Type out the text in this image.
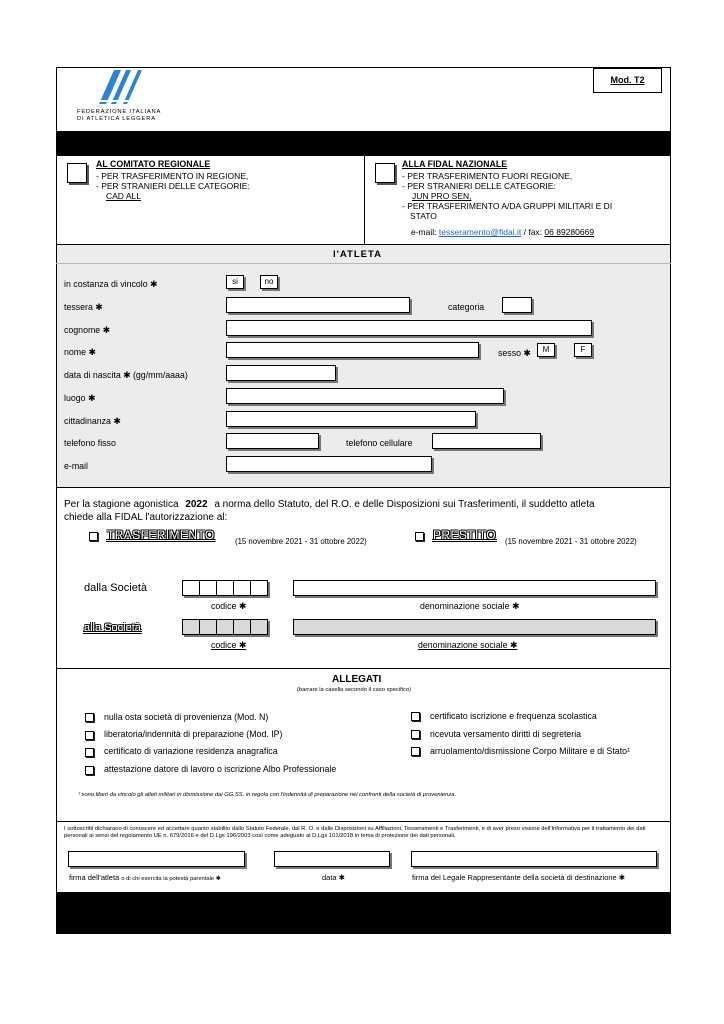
FEDERAZIONE ITALIANA
DI ATLETICA LEGGERA
Mod. T2
AL COMITATO REGIONALE
- PER TRASFERIMENTO IN REGIONE,
- PER STRANIERI DELLE CATEGORIE:
CAD ALL
ALLA FIDAL NAZIONALE
- PER TRASFERIMENTO FUORI REGIONE,
- PER STRANIERI DELLE CATEGORIE:
JUN PRO SEN,
- PER TRASFERIMENTO A/DA GRUPPI MILITARI E DI
STATO
e-mail: tesseramento@fidal.it / fax: 06 89280669
l'ATLETA
in costanza di vincolo ✱	si	no
tessera ✱	categoria
cognome ✱
nome ✱	sesso ✱	M	F
data di nascita ✱ (gg/mm/aaaa)
luogo ✱
cittadinanza ✱
telefono fisso	telefono cellulare
e-mail
Per la stagione agonistica 2022 a norma dello Statuto, del R.O. e delle Disposizioni sui Trasferimenti, il suddetto atleta
chiede alla FIDAL l'autorizzazione al:
TRASFERIMENTO	(15 novembre 2021 - 31 ottobre 2022)	PRESTITO (15 novembre 2021 - 31 ottobre 2022)
dalla Società
codice ✱	denominazione sociale ✱
alla Società
codice ✱	denominazione sociale ✱
ALLEGATI
(barrare la casella secondo il caso specifico)
nulla osta società di provenienza (Mod. N)
liberatoria/indennità di preparazione (Mod. IP)
certificato di variazione residenza anagrafica
attestazione datore di lavoro o iscrizione Albo Professionale
certificato iscrizione e frequenza scolastica
ricevuta versamento diritti di segreteria
arruolamento/dismissione Corpo Militare e di Stato¹
¹ sono liberi da vincolo gli atleti militari in dismissione dai GG.SS. in regola con l'indennità di preparazione nei confronti della società di provenienza.
I sottoscritti dichiarano di conoscere ed accettare quanto stabilito dallo Statuto Federale, dal R. O. e dalle Disposizioni su Affiliazioni, Tesseramenti e Trasferimenti, e di aver preso visione dell'Informativa per il trattamento dei dati personali ai sensi del regolamento UE n. 679/2016 e del D.Lgs 196/2003 così come adeguato al D.Lgs 101/2018 in tema di protezione dei dati personali.
firma dell'atleta o di chi esercita la potestà parentale ✱	data ✱	firma del Legale Rappresentante della società di destinazione ✱
